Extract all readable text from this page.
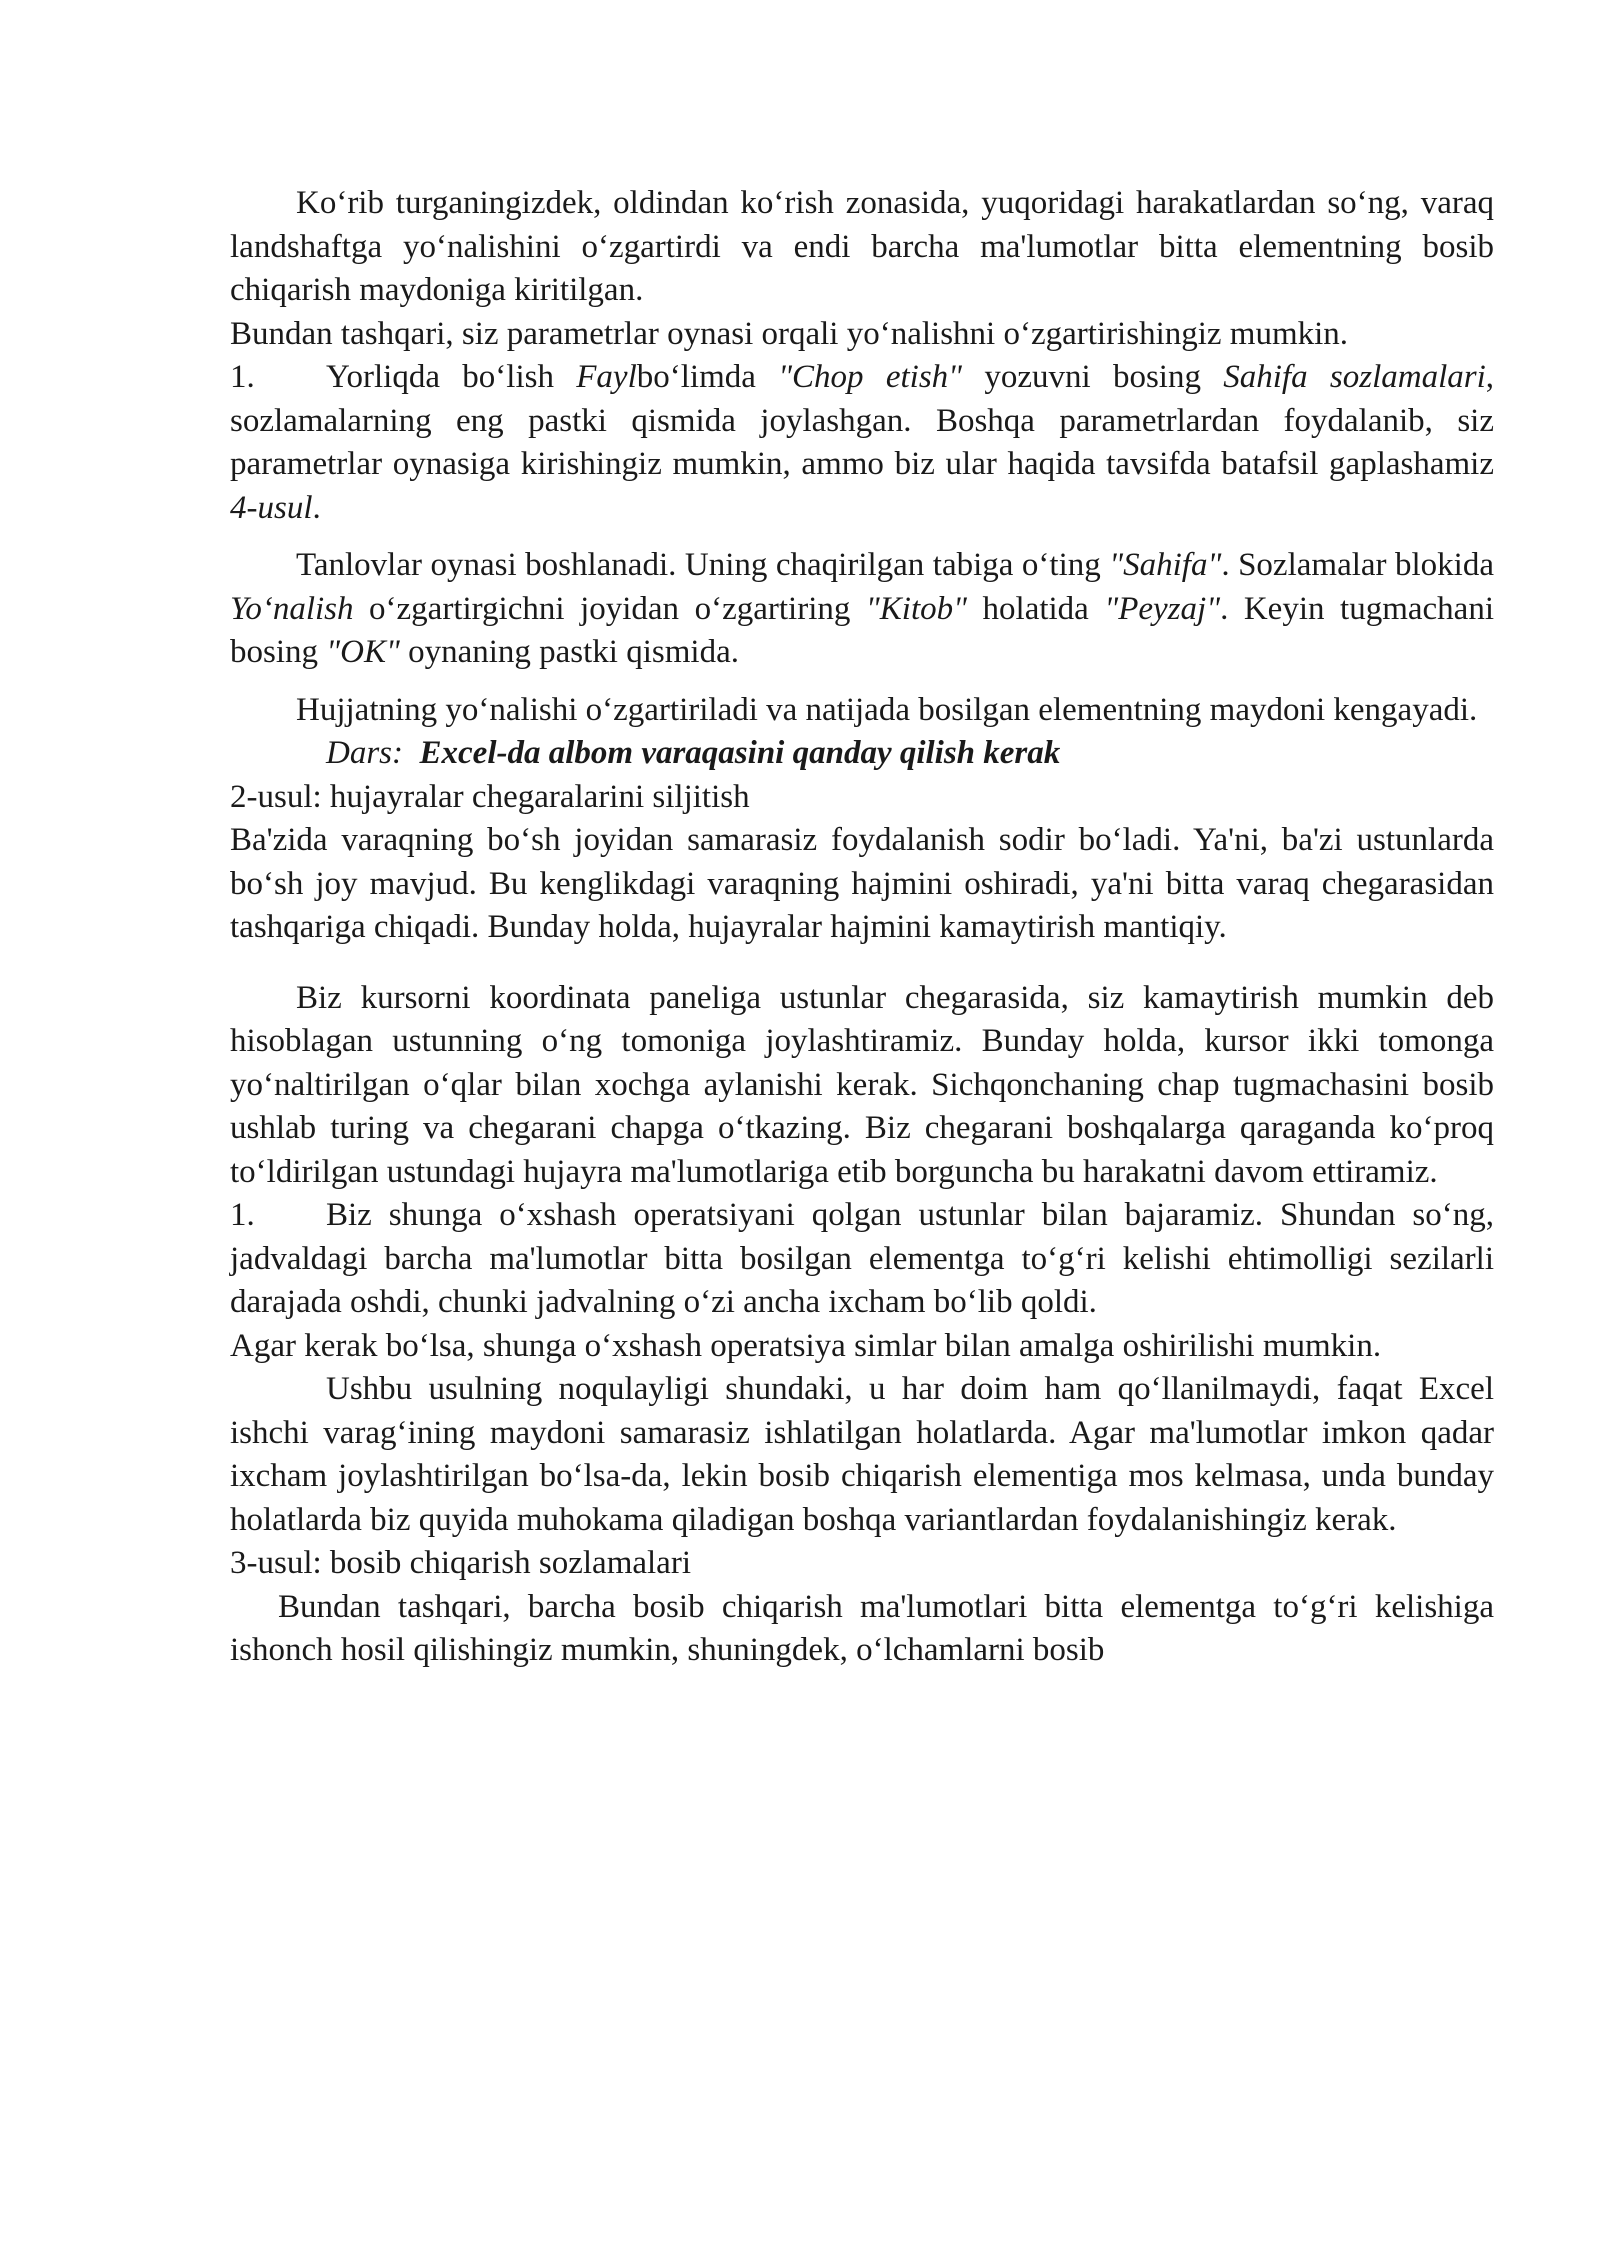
Ko‘rib turganingizdek, oldindan ko‘rish zonasida, yuqoridagi harakatlardan so‘ng, varaq landshaftga yo‘nalishini o‘zgartirdi va endi barcha ma'lumotlar bitta elementning bosib chiqarish maydoniga kiritilgan.

Bundan tashqari, siz parametrlar oynasi orqali yo‘nalishni o‘zgartirishingiz mumkin.

1. Yorliqda bo‘lish Faylbo‘limda "Chop etish" yozuvni bosing Sahifa sozlamalari, sozlamalarning eng pastki qismida joylashgan. Boshqa parametrlardan foydalanib, siz parametrlar oynasiga kirishingiz mumkin, ammo biz ular haqida tavsifda batafsil gaplashamiz 4-usul.

Tanlovlar oynasi boshlanadi. Uning chaqirilgan tabiga o‘ting "Sahifa". Sozlamalar blokida Yo‘nalish o‘zgartirgichni joyidan o‘zgartiring "Kitob" holatida "Peyzaj". Keyin tugmachani bosing "OK" oynaning pastki qismida.

Hujjatning yo‘nalishi o‘zgartiriladi va natijada bosilgan elementning maydoni kengayadi.

Dars: Excel-da albom varaqasini qanday qilish kerak

2-usul: hujayralar chegaralarini siljitish

Ba'zida varaqning bo‘sh joyidan samarasiz foydalanish sodir bo‘ladi. Ya'ni, ba'zi ustunlarda bo‘sh joy mavjud. Bu kenglikdagi varaqning hajmini oshiradi, ya'ni bitta varaq chegarasidan tashqariga chiqadi. Bunday holda, hujayralar hajmini kamaytirish mantiqiy.

Biz kursorni koordinata paneliga ustunlar chegarasida, siz kamaytirish mumkin deb hisoblagan ustunning o‘ng tomoniga joylashtiramiz. Bunday holda, kursor ikki tomonga yo‘naltirilgan o‘qlar bilan xochga aylanishi kerak. Sichqonchaning chap tugmachasini bosib ushlab turing va chegarani chapga o‘tkazing. Biz chegarani boshqalarga qaraganda ko‘proq to‘ldirilgan ustundagi hujayra ma'lumotlariga etib borguncha bu harakatni davom ettiramiz.

1. Biz shunga o‘xshash operatsiyani qolgan ustunlar bilan bajaramiz. Shundan so‘ng, jadvaldagi barcha ma'lumotlar bitta bosilgan elementga to‘g‘ri kelishi ehtimolligi sezilarli darajada oshdi, chunki jadvalning o‘zi ancha ixcham bo‘lib qoldi.

Agar kerak bo‘lsa, shunga o‘xshash operatsiya simlar bilan amalga oshirilishi mumkin.

Ushbu usulning noqulayligi shundaki, u har doim ham qo‘llanilmaydi, faqat Excel ishchi varag‘ining maydoni samarasiz ishlatilgan holatlarda. Agar ma'lumotlar imkon qadar ixcham joylashtirilgan bo‘lsa-da, lekin bosib chiqarish elementiga mos kelmasa, unda bunday holatlarda biz quyida muhokama qiladigan boshqa variantlardan foydalanishingiz kerak.

3-usul: bosib chiqarish sozlamalari

Bundan tashqari, barcha bosib chiqarish ma'lumotlari bitta elementga to‘g‘ri kelishiga ishonch hosil qilishingiz mumkin, shuningdek, o‘lchamlarni bosib
